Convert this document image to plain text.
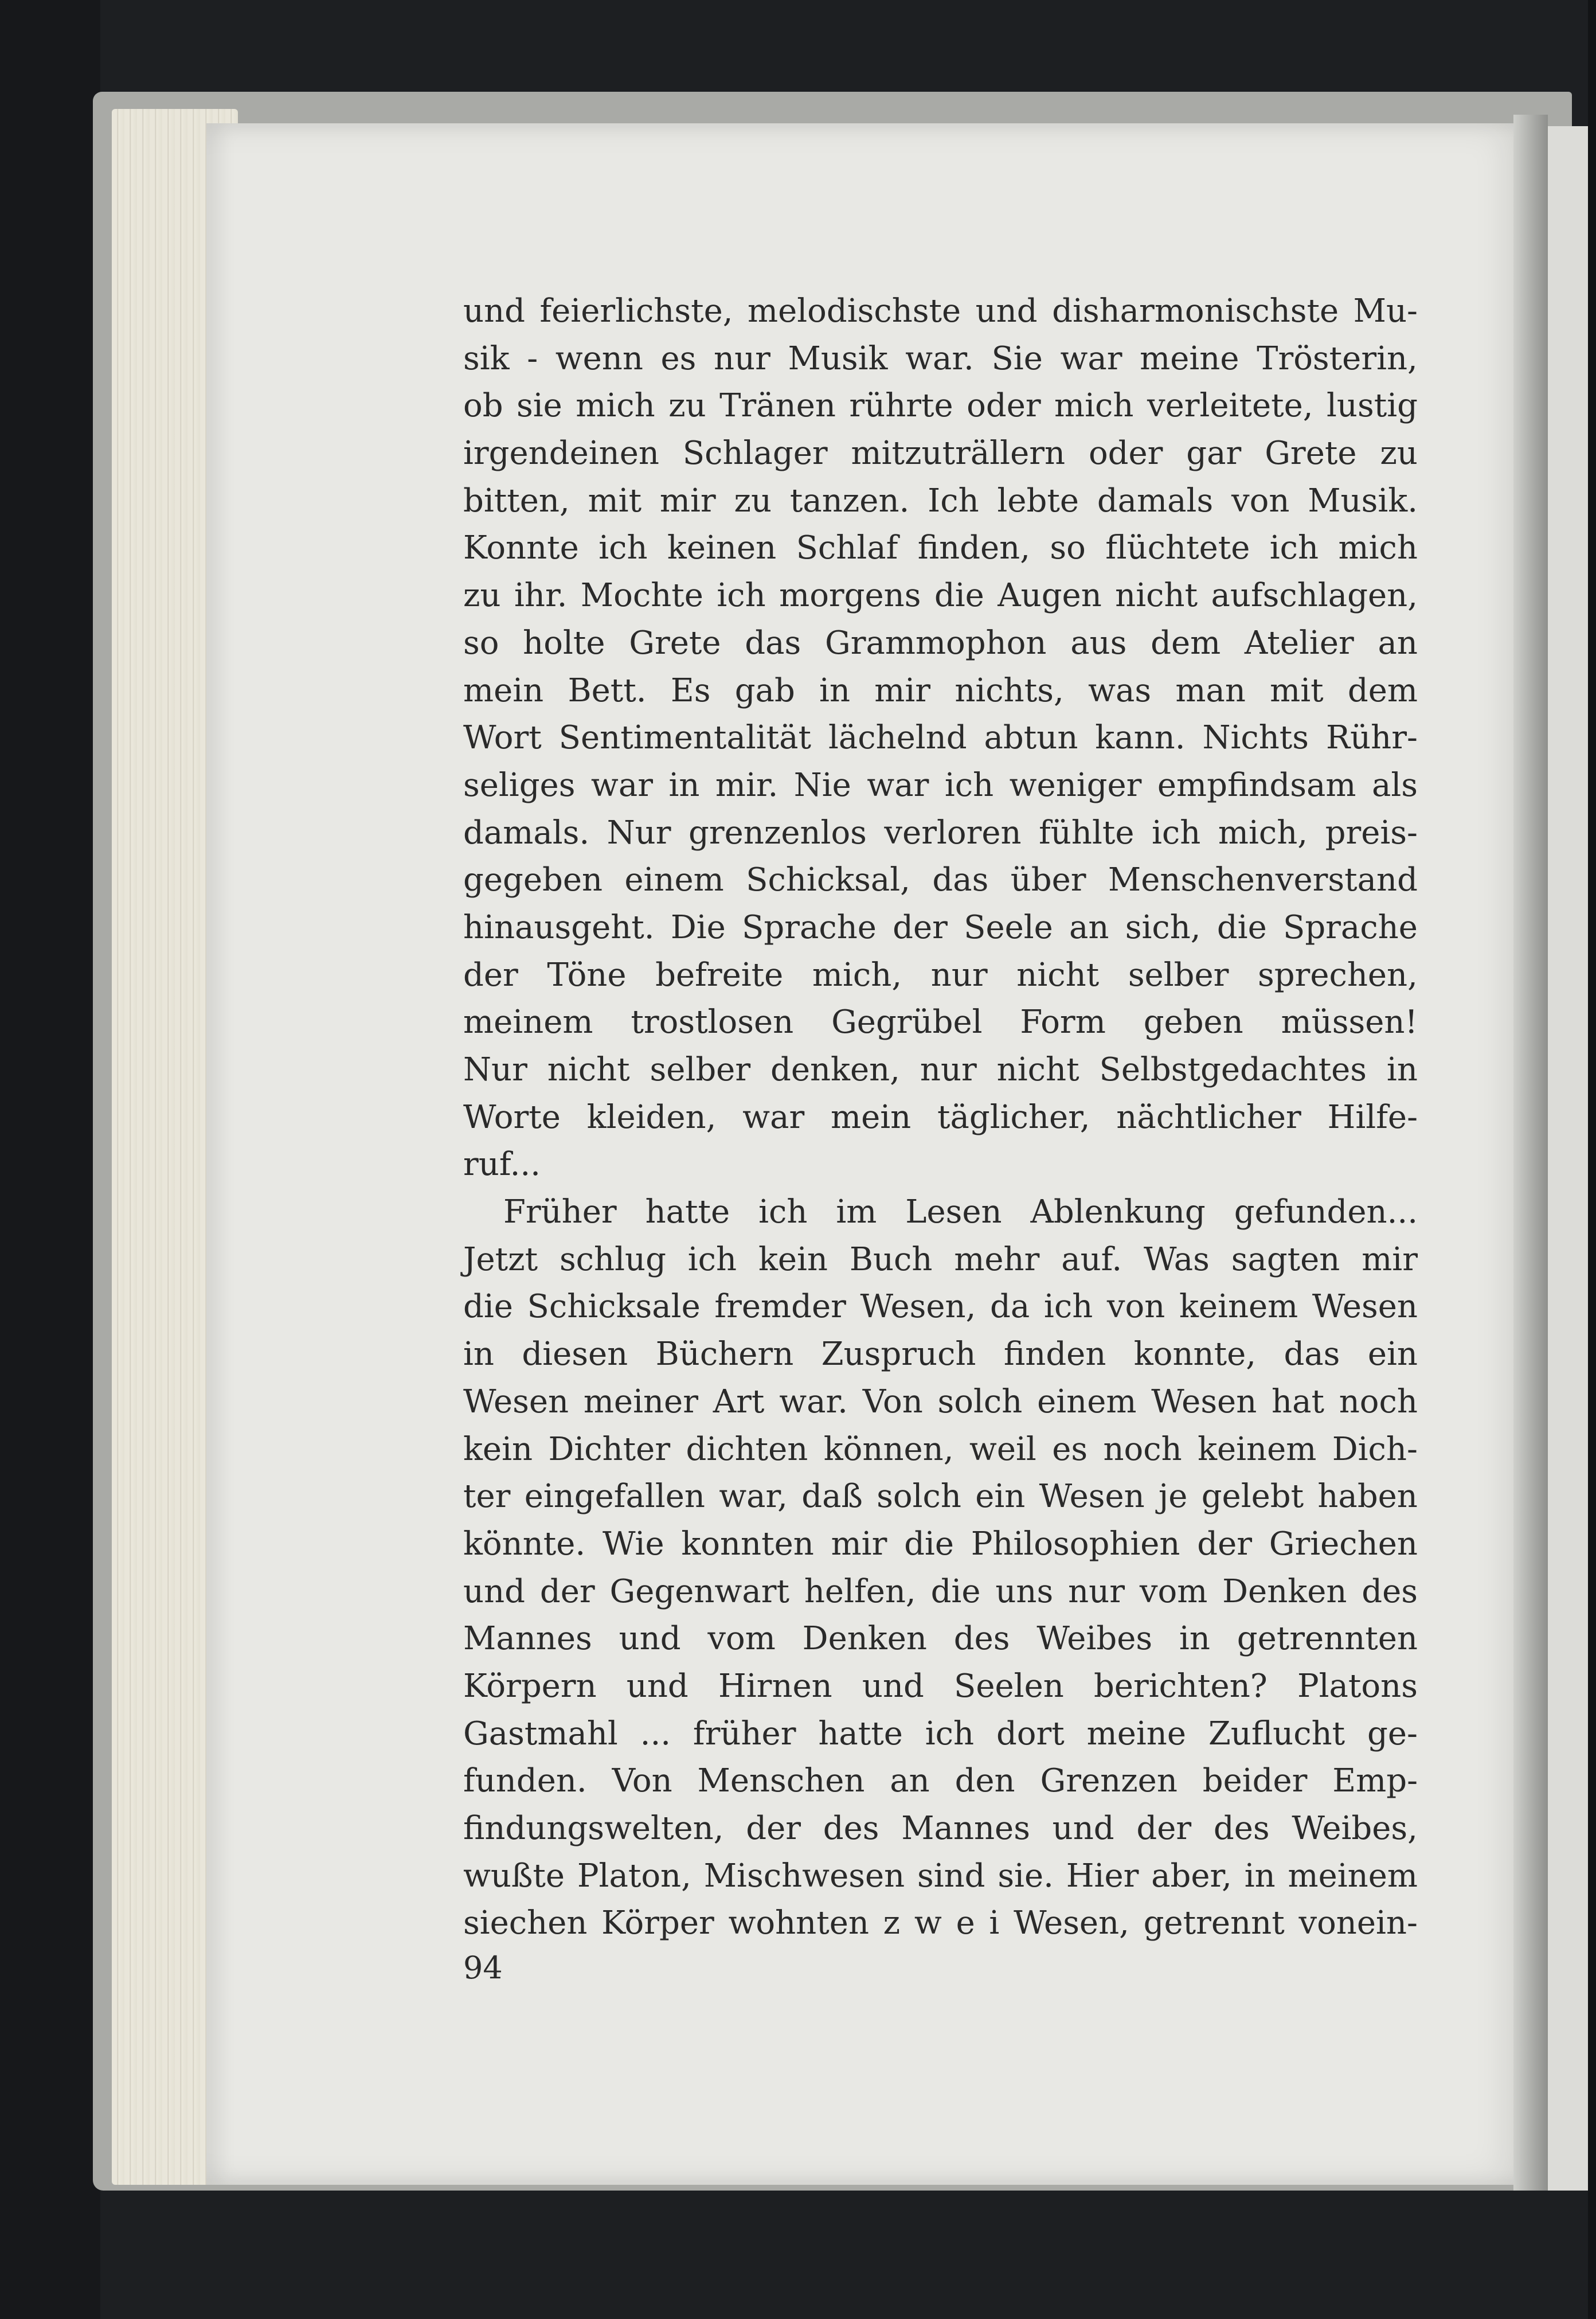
und feierlichste, melodischste und disharmonischste Mu-
sik - wenn es nur Musik war. Sie war meine Trösterin,
ob sie mich zu Tränen rührte oder mich verleitete, lustig
irgendeinen Schlager mitzuträllern oder gar Grete zu
bitten, mit mir zu tanzen. Ich lebte damals von Musik.
Konnte ich keinen Schlaf finden, so flüchtete ich mich
zu ihr. Mochte ich morgens die Augen nicht aufschlagen,
so holte Grete das Grammophon aus dem Atelier an
mein Bett. Es gab in mir nichts, was man mit dem
Wort Sentimentalität lächelnd abtun kann. Nichts Rühr-
seliges war in mir. Nie war ich weniger empfindsam als
damals. Nur grenzenlos verloren fühlte ich mich, preis-
gegeben einem Schicksal, das über Menschenverstand
hinausgeht. Die Sprache der Seele an sich, die Sprache
der Töne befreite mich, nur nicht selber sprechen,
meinem trostlosen Gegrübel Form geben müssen!
Nur nicht selber denken, nur nicht Selbstgedachtes in
Worte kleiden, war mein täglicher, nächtlicher Hilfe-
ruf...
Früher hatte ich im Lesen Ablenkung gefunden...
Jetzt schlug ich kein Buch mehr auf. Was sagten mir
die Schicksale fremder Wesen, da ich von keinem Wesen
in diesen Büchern Zuspruch finden konnte, das ein
Wesen meiner Art war. Von solch einem Wesen hat noch
kein Dichter dichten können, weil es noch keinem Dich-
ter eingefallen war, daß solch ein Wesen je gelebt haben
könnte. Wie konnten mir die Philosophien der Griechen
und der Gegenwart helfen, die uns nur vom Denken des
Mannes und vom Denken des Weibes in getrennten
Körpern und Hirnen und Seelen berichten? Platons
Gastmahl ... früher hatte ich dort meine Zuflucht ge-
funden. Von Menschen an den Grenzen beider Emp-
findungswelten, der des Mannes und der des Weibes,
wußte Platon, Mischwesen sind sie. Hier aber, in meinem
siechen Körper wohnten z w e i Wesen, getrennt vonein-
94
